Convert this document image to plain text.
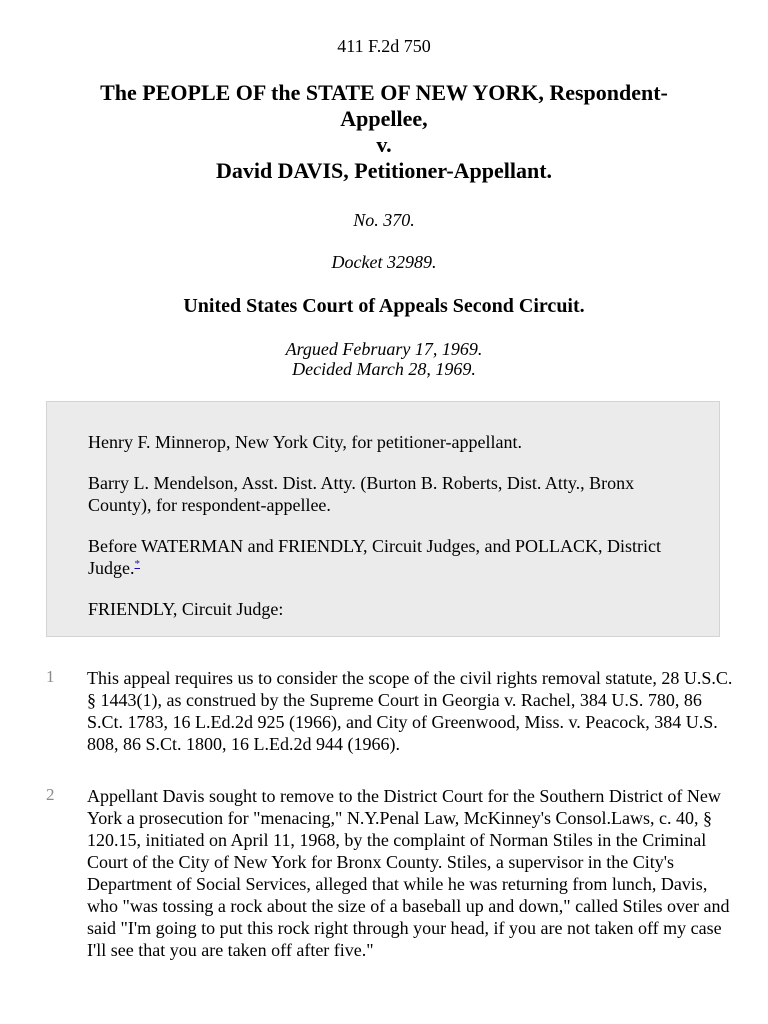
411 F.2d 750
The PEOPLE OF the STATE OF NEW YORK, Respondent-
Appellee,
v.
David DAVIS, Petitioner-Appellant.
No. 370.
Docket 32989.
United States Court of Appeals Second Circuit.
Argued February 17, 1969.
Decided March 28, 1969.

Henry F. Minnerop, New York City, for petitioner-appellant.

Barry L. Mendelson, Asst. Dist. Atty. (Burton B. Roberts, Dist. Atty., Bronx County), for respondent-appellee.

Before WATERMAN and FRIENDLY, Circuit Judges, and POLLACK, District Judge.*

FRIENDLY, Circuit Judge:

1 This appeal requires us to consider the scope of the civil rights removal statute, 28 U.S.C. § 1443(1), as construed by the Supreme Court in Georgia v. Rachel, 384 U.S. 780, 86 S.Ct. 1783, 16 L.Ed.2d 925 (1966), and City of Greenwood, Miss. v. Peacock, 384 U.S. 808, 86 S.Ct. 1800, 16 L.Ed.2d 944 (1966).

2 Appellant Davis sought to remove to the District Court for the Southern District of New York a prosecution for "menacing," N.Y.Penal Law, McKinney's Consol.Laws, c. 40, § 120.15, initiated on April 11, 1968, by the complaint of Norman Stiles in the Criminal Court of the City of New York for Bronx County. Stiles, a supervisor in the City's Department of Social Services, alleged that while he was returning from lunch, Davis, who "was tossing a rock about the size of a baseball up and down," called Stiles over and said "I'm going to put this rock right through your head, if you are not taken off my case I'll see that you are taken off after five."
